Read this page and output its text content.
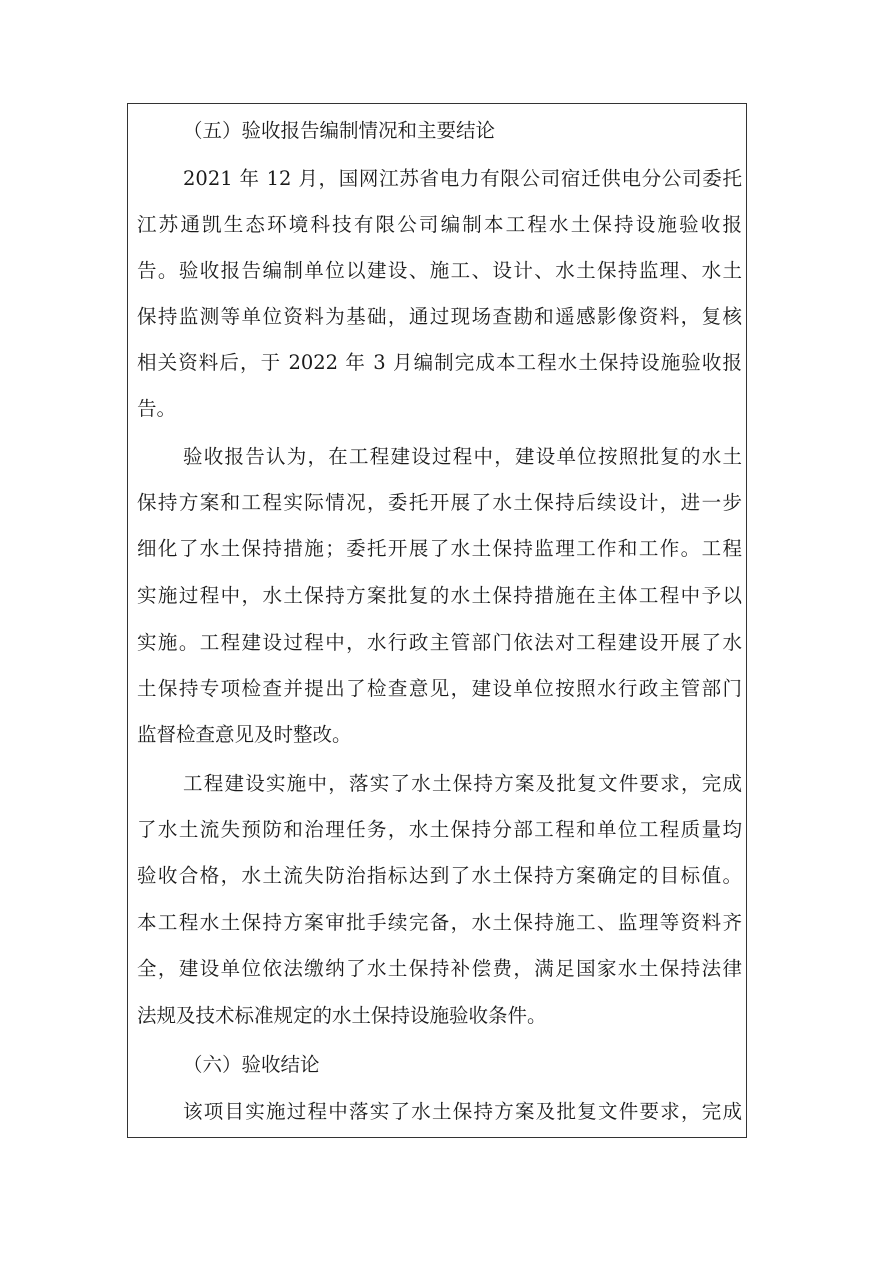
（五）验收报告编制情况和主要结论
2021 年 12 月，国网江苏省电力有限公司宿迁供电分公司委托
江苏通凯生态环境科技有限公司编制本工程水土保持设施验收报
告。验收报告编制单位以建设、施工、设计、水土保持监理、水土
保持监测等单位资料为基础，通过现场查勘和遥感影像资料，复核
相关资料后，于 2022 年 3 月编制完成本工程水土保持设施验收报
告。
验收报告认为，在工程建设过程中，建设单位按照批复的水土
保持方案和工程实际情况，委托开展了水土保持后续设计，进一步
细化了水土保持措施；委托开展了水土保持监理工作和工作。工程
实施过程中，水土保持方案批复的水土保持措施在主体工程中予以
实施。工程建设过程中，水行政主管部门依法对工程建设开展了水
土保持专项检查并提出了检查意见，建设单位按照水行政主管部门
监督检查意见及时整改。
工程建设实施中，落实了水土保持方案及批复文件要求，完成
了水土流失预防和治理任务，水土保持分部工程和单位工程质量均
验收合格，水土流失防治指标达到了水土保持方案确定的目标值。
本工程水土保持方案审批手续完备，水土保持施工、监理等资料齐
全，建设单位依法缴纳了水土保持补偿费，满足国家水土保持法律
法规及技术标准规定的水土保持设施验收条件。
（六）验收结论
该项目实施过程中落实了水土保持方案及批复文件要求，完成
